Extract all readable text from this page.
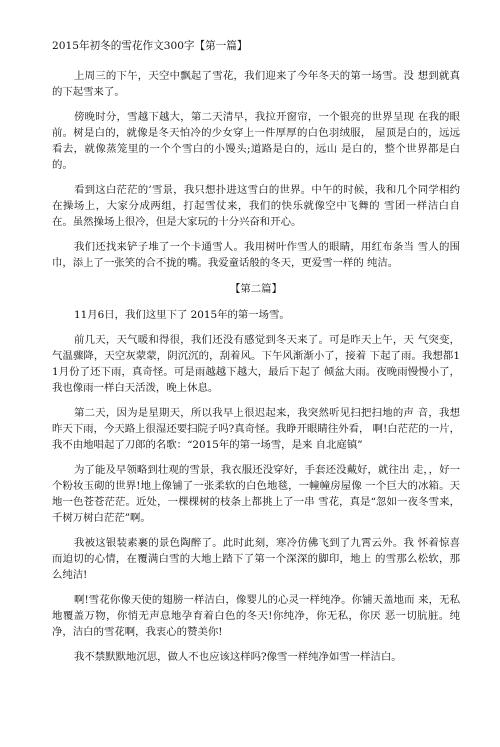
2015年初冬的雪花作文300字【第一篇】

上周三的下午，天空中飘起了雪花，我们迎来了今年冬天的第一场雪。没 想到就真的下起雪来了。

傍晚时分，雪越下越大，第二天清早，我拉开窗帘，一个银亮的世界呈现 在我的眼前。树是白的，就像是冬天怕冷的少女穿上一件厚厚的白色羽绒服， 屋顶是白的，远远看去，就像蒸笼里的一个个雪白的小馒头;道路是白的，远山 是白的，整个世界都是白的。

看到这白茫茫的’雪景，我只想扑进这雪白的世界。中午的时候，我和几个同学相约在操场上，大家分成两组，打起雪仗来，我们的快乐就像空中飞舞的 雪团一样洁白自在。虽然操场上很冷，但是大家玩的十分兴奋和开心。

我们还找来铲子堆了一个卡通雪人。我用树叶作雪人的眼睛，用红布条当 雪人的围巾，添上了一张笑的合不拢的嘴。我爱童话般的冬天，更爱雪一样的 纯洁。

【第二篇】

11月6日，我们这里下了 2015年的第一场雪。

前几天，天气暖和得很，我们还没有感觉到冬天来了。可是昨天上午，天 气突变，气温骤降，天空灰蒙蒙，阴沉沉的，刮着风。下午风渐渐小了，接着 下起了雨。我想都11月份了还下雨，真奇怪。可是雨越越下越大，最后下起了 倾盆大雨。夜晚雨慢慢小了，我也像雨一样白天活泼，晚上休息。

第二天，因为是星期天，所以我早上很迟起来，我突然听见扫把扫地的声 音，我想昨天下雨，今天路上很湿还要扫院子吗?真奇怪。我睁开眼睛往外看， 啊!白茫茫的一片，我不由地唱起了刀郎的名歌：“2015年的第一场雪，是来 自北庭镇”

为了能及早领略到壮观的雪景，我衣服还没穿好，手套还没戴好，就往出 走，，好一个粉妆玉砌的世界!地上像铺了一张柔软的白色地毯，一幢幢房屋像 一个巨大的冰箱。天地一色苍苍茫茫。近处，一棵棵树的枝条上都挑上了一串 雪花，真是“忽如一夜冬雪来，千树万树白茫茫”啊。

我被这银装素裹的景色陶醉了。此时此刻，寒冷仿佛飞到了九霄云外。我 怀着惊喜而迫切的心情，在覆满白雪的大地上踏下了第一个深深的脚印，地上 的雪那么松软，那么纯洁!

啊!雪花你像天使的翅膀一样洁白，像婴儿的心灵一样纯净。你铺天盖地而 来，无私地覆盖万物，你悄无声息地孕育着白色的冬天!你纯净，你无私，你厌 恶一切肮脏。纯净，洁白的雪花啊，我衷心的赞美你!

我不禁默默地沉思，做人不也应该这样吗?像雪一样纯净如雪一样洁白。
